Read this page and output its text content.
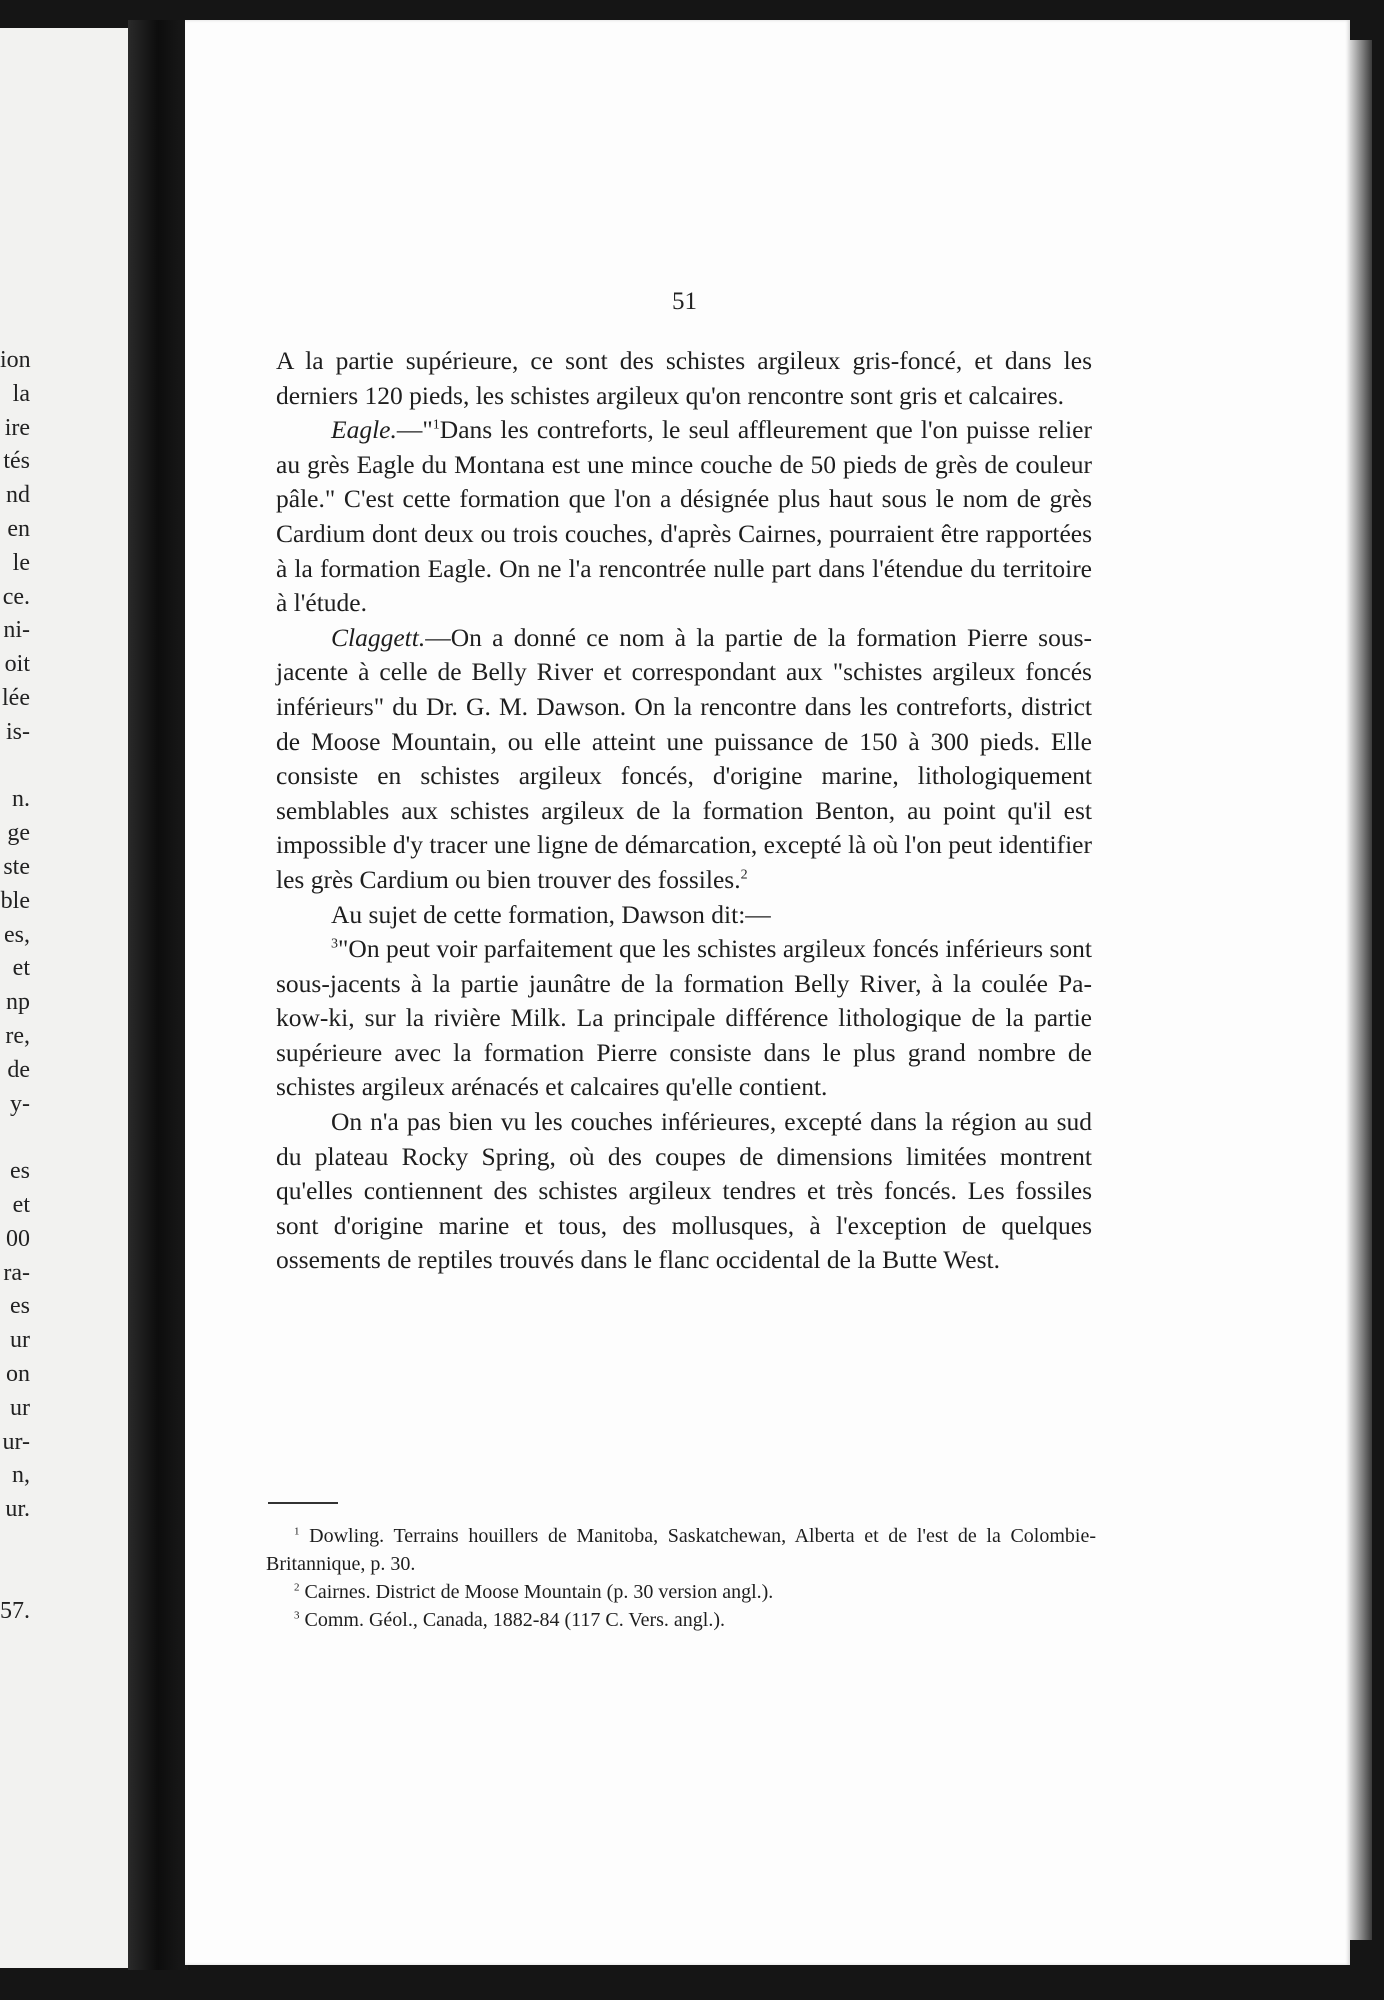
ion
la
ire
tés
nd
en
le
ce.
ni-
oit
lée
is-
n.
ge
ste
ble
es,
et
np
re,
de
y-
es
et
00
ra-
es
ur
on
ur
ur-
n,
ur.
57.
51

A la partie supérieure, ce sont des schistes argileux gris-foncé, et dans les derniers 120 pieds, les schistes argileux qu'on rencontre sont gris et calcaires.

Eagle.—"$^1$Dans les contreforts, le seul affleurement que l'on puisse relier au grès Eagle du Montana est une mince couche de 50 pieds de grès de couleur pâle." C'est cette formation que l'on a désignée plus haut sous le nom de grès Cardium dont deux ou trois couches, d'après Cairnes, pourraient être rapportées à la formation Eagle. On ne l'a rencontrée nulle part dans l'étendue du territoire à l'étude.

Claggett.—On a donné ce nom à la partie de la formation Pierre sous-jacente à celle de Belly River et correspondant aux "schistes argileux foncés inférieurs" du Dr. G. M. Dawson. On la rencontre dans les contreforts, district de Moose Mountain, ou elle atteint une puissance de 150 à 300 pieds. Elle consiste en schistes argileux foncés, d'origine marine, lithologiquement semblables aux schistes argileux de la formation Benton, au point qu'il est impossible d'y tracer une ligne de démarcation, excepté là où l'on peut identifier les grès Cardium ou bien trouver des fossiles.$^2$

Au sujet de cette formation, Dawson dit:—

$^3$"On peut voir parfaitement que les schistes argileux foncés inférieurs sont sous-jacents à la partie jaunâtre de la formation Belly River, à la coulée Pa-kow-ki, sur la rivière Milk. La principale différence lithologique de la partie supérieure avec la formation Pierre consiste dans le plus grand nombre de schistes argileux arénacés et calcaires qu'elle contient.

On n'a pas bien vu les couches inférieures, excepté dans la région au sud du plateau Rocky Spring, où des coupes de dimensions limitées montrent qu'elles contiennent des schistes argileux tendres et très foncés. Les fossiles sont d'origine marine et tous, des mollusques, à l'exception de quelques ossements de reptiles trouvés dans le flanc occidental de la Butte West.

$^1$ Dowling. Terrains houillers de Manitoba, Saskatchewan, Alberta et de l'est de la Colombie-Britannique, p. 30.

$^2$ Cairnes. District de Moose Mountain (p. 30 version angl.).

$^3$ Comm. Géol., Canada, 1882-84 (117 C. Vers. angl.).
